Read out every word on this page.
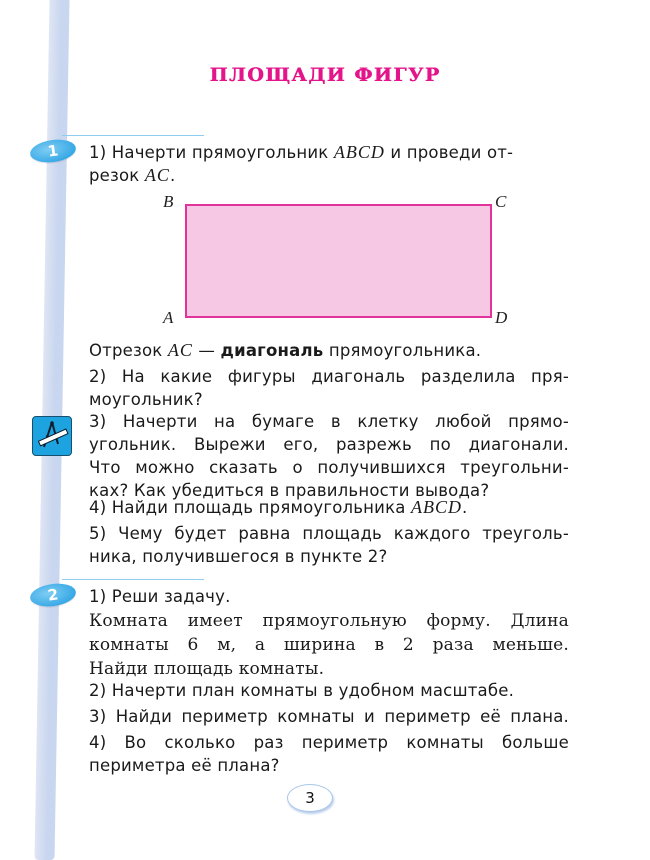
ПЛОЩАДИ ФИГУР
1	1) Начерти прямоугольник ABCD и проведи от-
резок AC.
B	C
A	D
Отрезок AC — диагональ прямоугольника.
2) На какие фигуры диагональ разделила пря-
моугольник?
3) Начерти на бумаге в клетку любой прямо-
угольник. Вырежи его, разрежь по диагонали.
Что можно сказать о получившихся треугольни-
ках? Как убедиться в правильности вывода?
4) Найди площадь прямоугольника ABCD.
5) Чему будет равна площадь каждого треуголь-
ника, получившегося в пункте 2?
2	1) Реши задачу.
Комната имеет прямоугольную форму. Длина
комнаты 6 м, а ширина в 2 раза меньше.
Найди площадь комнаты.
2) Начерти план комнаты в удобном масштабе.
3) Найди периметр комнаты и периметр её плана.
4) Во сколько раз периметр комнаты больше
периметра её плана?
3
